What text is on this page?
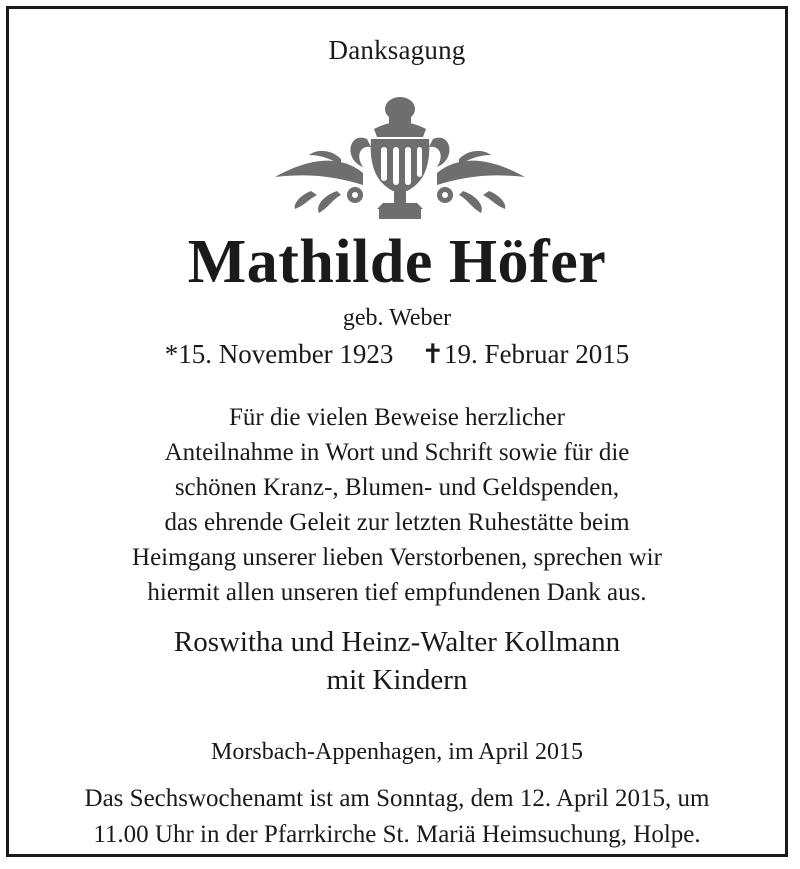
Danksagung
Mathilde Höfer
geb. Weber
*15. November 1923 ✝19. Februar 2015
Für die vielen Beweise herzlicher
Anteilnahme in Wort und Schrift sowie für die
schönen Kranz-, Blumen- und Geldspenden,
das ehrende Geleit zur letzten Ruhestätte beim
Heimgang unserer lieben Verstorbenen, sprechen wir
hiermit allen unseren tief empfundenen Dank aus.
Roswitha und Heinz-Walter Kollmann
mit Kindern
Morsbach-Appenhagen, im April 2015
Das Sechswochenamt ist am Sonntag, dem 12. April 2015, um
11.00 Uhr in der Pfarrkirche St. Mariä Heimsuchung, Holpe.
